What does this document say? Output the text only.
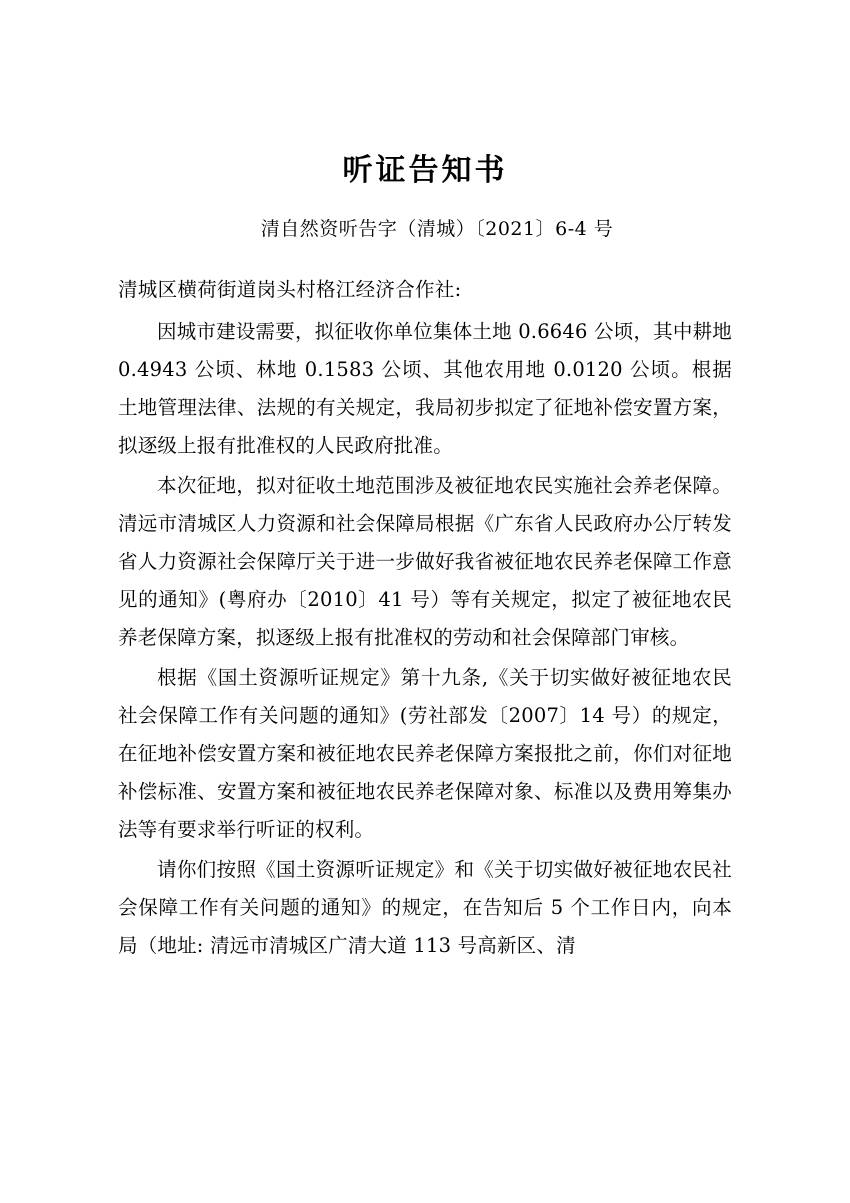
听证告知书
清自然资听告字（清城）〔2021〕6-4 号
清城区横荷街道岗头村格江经济合作社:

因城市建设需要，拟征收你单位集体土地 0.6646 公顷，其中耕地 0.4943 公顷、林地 0.1583 公顷、其他农用地 0.0120 公顷。根据土地管理法律、法规的有关规定，我局初步拟定了征地补偿安置方案，拟逐级上报有批准权的人民政府批准。

本次征地，拟对征收土地范围涉及被征地农民实施社会养老保障。清远市清城区人力资源和社会保障局根据《广东省人民政府办公厅转发省人力资源社会保障厅关于进一步做好我省被征地农民养老保障工作意见的通知》(粤府办〔2010〕41 号）等有关规定，拟定了被征地农民养老保障方案，拟逐级上报有批准权的劳动和社会保障部门审核。

根据《国土资源听证规定》第十九条,《关于切实做好被征地农民社会保障工作有关问题的通知》(劳社部发〔2007〕14 号）的规定，在征地补偿安置方案和被征地农民养老保障方案报批之前，你们对征地补偿标准、安置方案和被征地农民养老保障对象、标准以及费用筹集办法等有要求举行听证的权利。

请你们按照《国土资源听证规定》和《关于切实做好被征地农民社会保障工作有关问题的通知》的规定，在告知后 5 个工作日内，向本局（地址: 清远市清城区广清大道 113 号高新区、清
